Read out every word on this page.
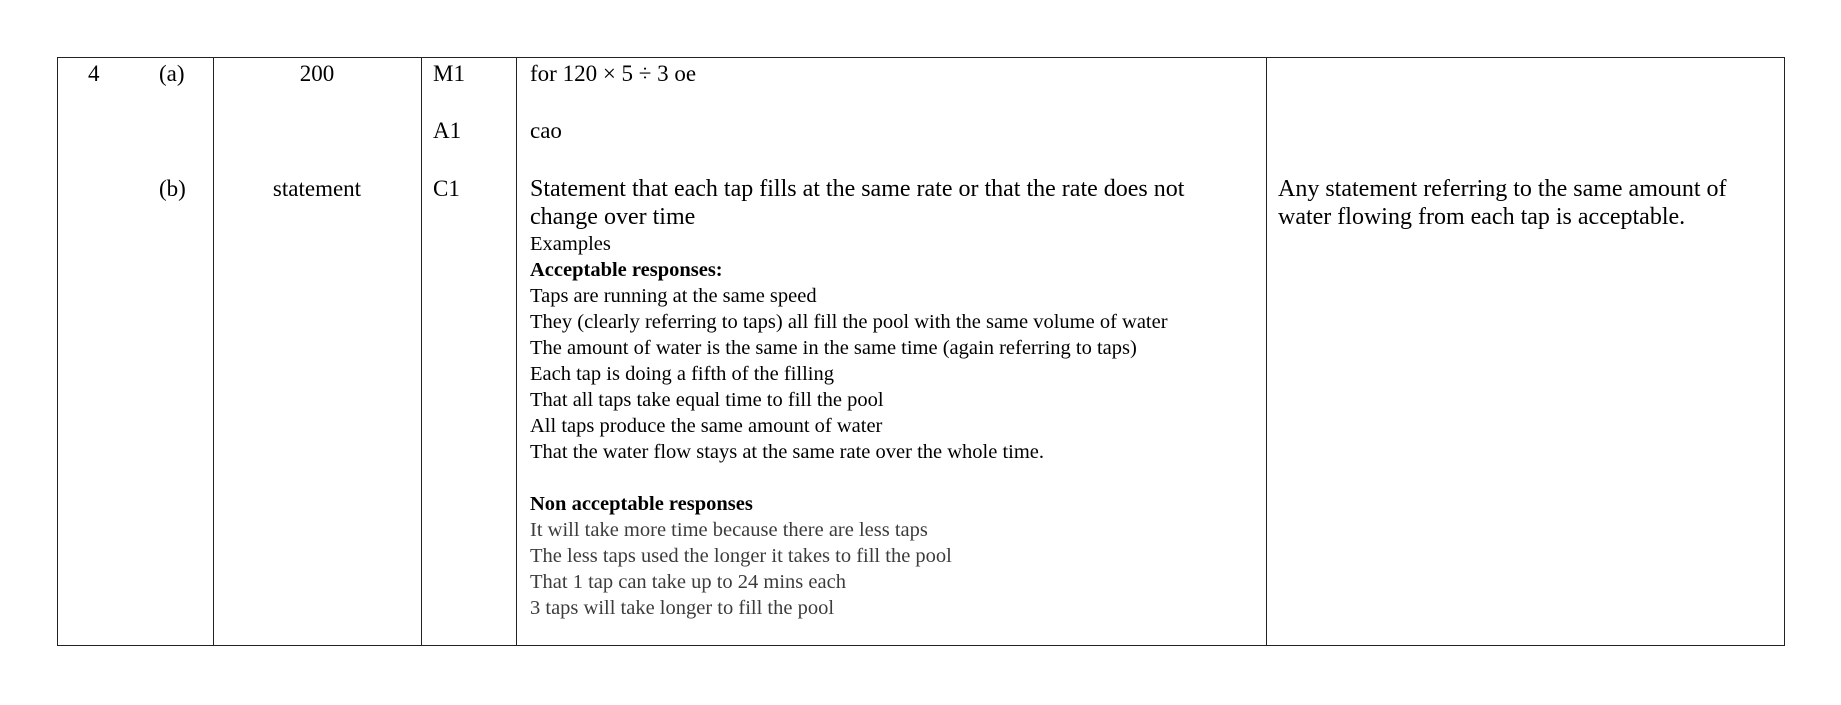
4	(a)
(b)
200
statement
M1
A1
C1
for 120 × 5 ÷ 3 oe
cao
Statement that each tap fills at the same rate or that the rate does not
change over time
Examples
Acceptable responses:
Taps are running at the same speed
They (clearly referring to taps) all fill the pool with the same volume of water
The amount of water is the same in the same time (again referring to taps)
Each tap is doing a fifth of the filling
That all taps take equal time to fill the pool
All taps produce the same amount of water
That the water flow stays at the same rate over the whole time.
Non acceptable responses
It will take more time because there are less taps
The less taps used the longer it takes to fill the pool
That 1 tap can take up to 24 mins each
3 taps will take longer to fill the pool
Any statement referring to the same amount of
water flowing from each tap is acceptable.
